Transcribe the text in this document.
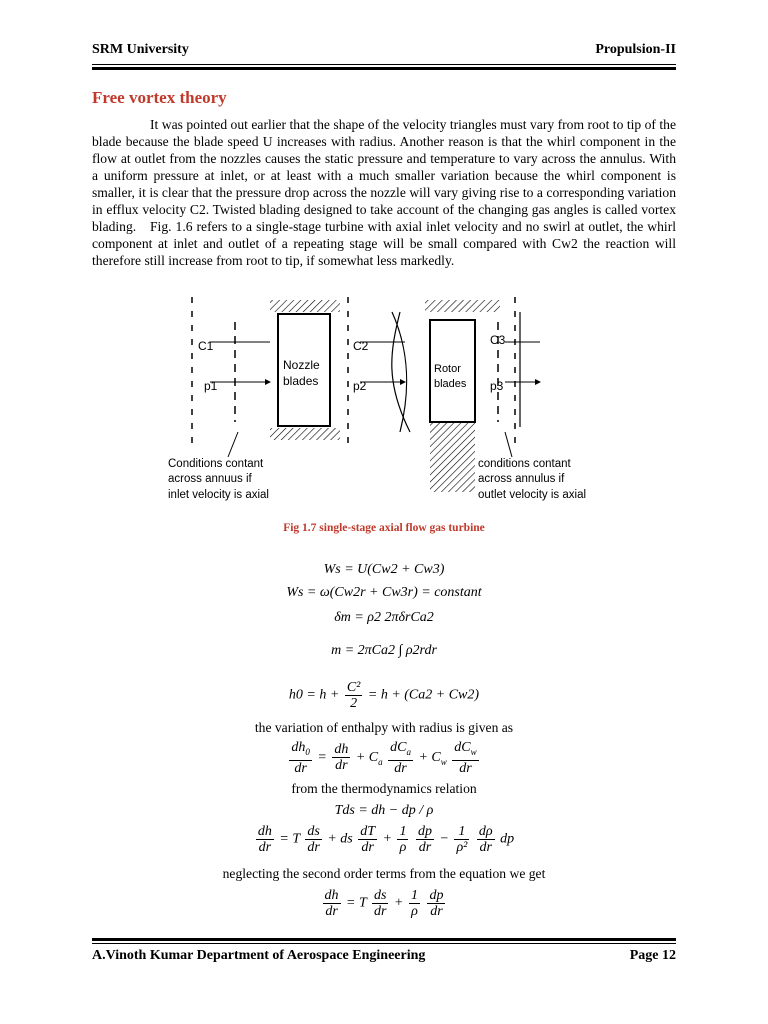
SRM University	Propulsion-II
Free vortex theory
It was pointed out earlier that the shape of the velocity triangles must vary from root to tip of the blade because the blade speed U increases with radius. Another reason is that the whirl component in the flow at outlet from the nozzles causes the static pressure and temperature to vary across the annulus. With a uniform pressure at inlet, or at least with a much smaller variation because the whirl component is smaller, it is clear that the pressure drop across the nozzle will vary giving rise to a corresponding variation in efflux velocity C2. Twisted blading designed to take account of the changing gas angles is called vortex blading.	Fig. 1.6 refers to a single-stage turbine with axial inlet velocity and no swirl at outlet, the whirl component at inlet and outlet of a repeating stage will be small compared with Cw2 the reaction will therefore still increase from root to tip, if somewhat less markedly.
C1
p1
Nozzle
blades
C2
p2
Rotor
blades
C3
p3
Conditions contant
across annuus if
inlet velocity is axial
conditions contant
across annulus if
outlet velocity is axial
Fig 1.7 single-stage axial flow gas turbine
Ws = U(Cw2 + Cw3)
Ws = ω(Cw2r + Cw3r) = constant
δm = ρ2 2πδrCa2
m = 2πCa2 ∫ ρ2rdr
$h0 = h + \frac{\text{C²}}{2} = h + (Ca2 + Cw2)$
the variation of enthalpy with radius is given as
$\frac{dh_0}{dr} = \frac{dh}{dr} + C_a \frac{dC_a}{dr} + C_w \frac{dC_w}{dr}$
from the thermodynamics relation
Tds = dh − dp / ρ
$\frac{dh}{dr} = T \frac{ds}{dr}$ + ds $\frac{dT}{dr} + \frac{1}{\rho}$
$\frac{dp}{dr} - \frac{1}{\text{ρ²}}$
$\frac{d\rho}{dr}$ dp
neglecting the second order terms from the equation we get
$\frac{dh}{dr} = T \frac{ds}{dr} + \frac{1}{\rho}$
$\frac{dp}{dr}$
A.Vinoth Kumar Department of Aerospace Engineering	Page 12
